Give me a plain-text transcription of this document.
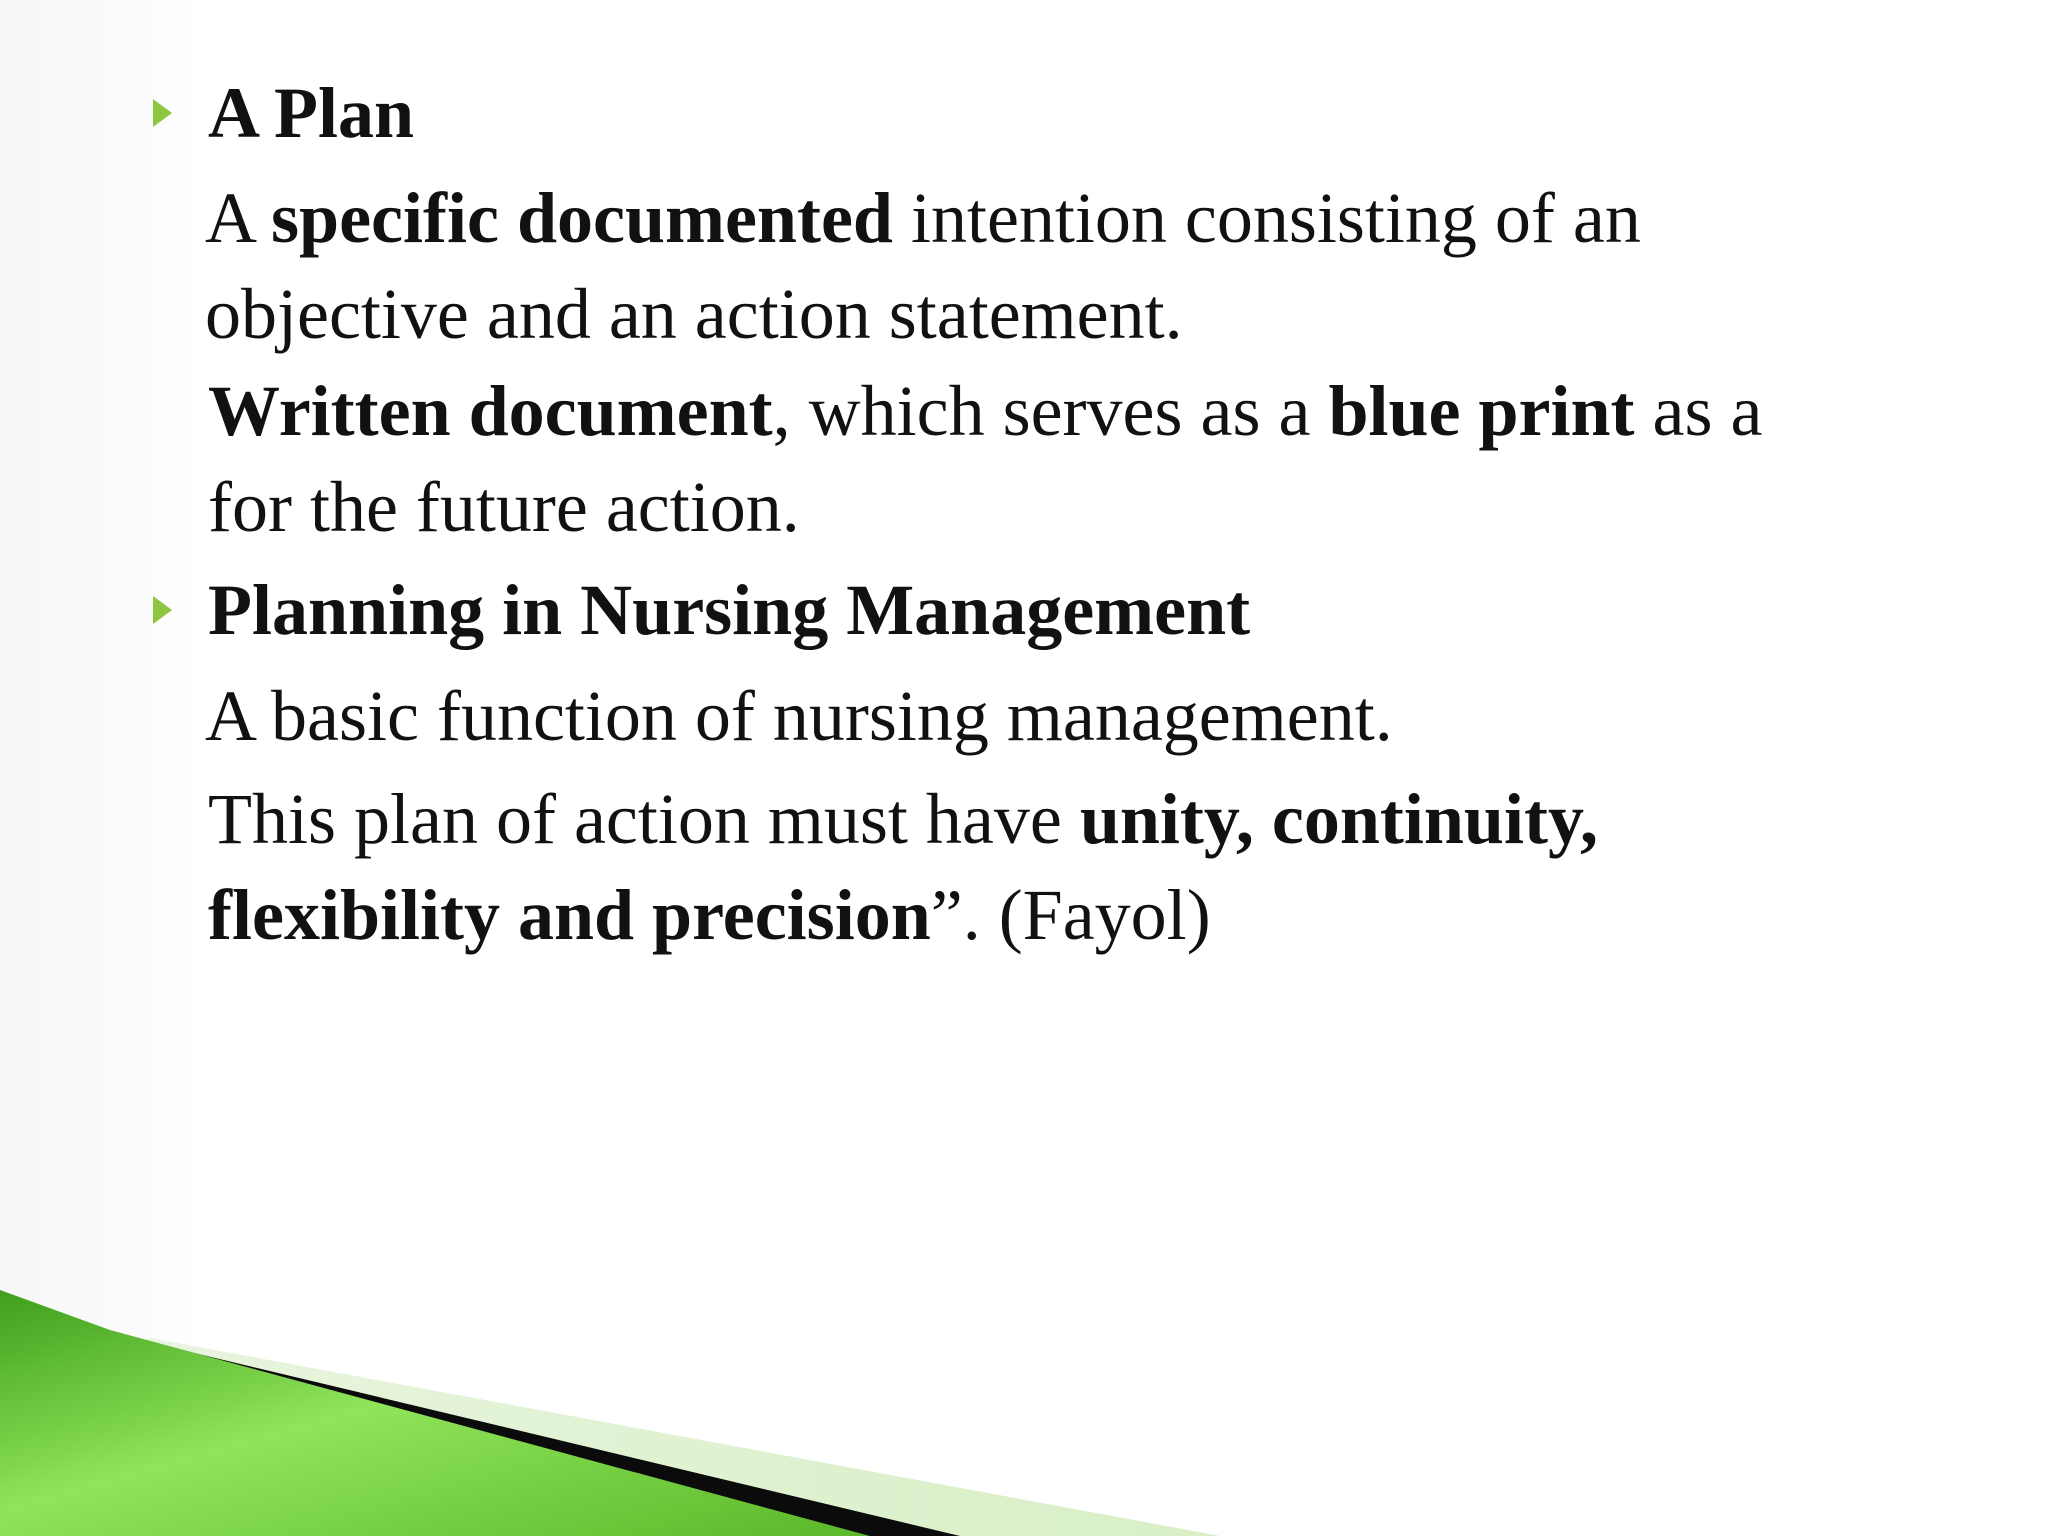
A Plan
A specific documented intention consisting of an
objective and an action statement.
Written document, which serves as a blue print as a
for the future action.
Planning in Nursing Management
A basic function of nursing management.
This plan of action must have unity, continuity,
flexibility and precision”. (Fayol)
